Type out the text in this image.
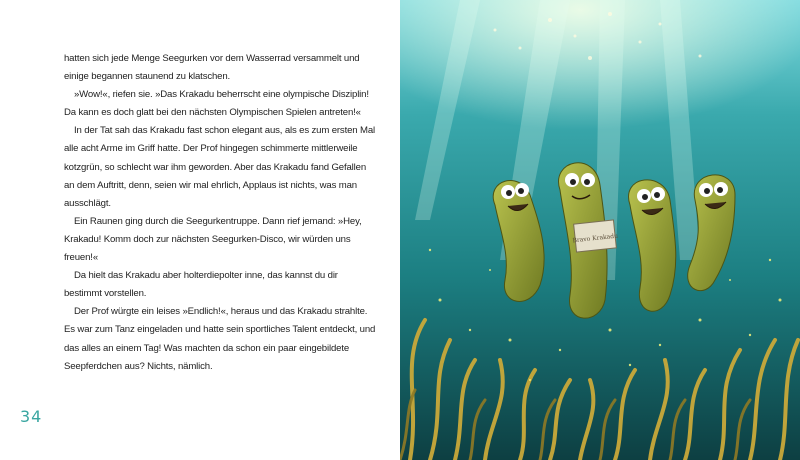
hatten sich jede Menge Seegurken vor dem Wasserrad versammelt und einige begannen staunend zu klatschen.

»Wow!«, riefen sie. »Das Krakadu beherrscht eine olympische Disziplin! Da kann es doch glatt bei den nächsten Olympischen Spielen antreten!«

In der Tat sah das Krakadu fast schon elegant aus, als es zum ersten Mal alle acht Arme im Griff hatte. Der Prof hingegen schimmerte mittlerweile kotzgrün, so schlecht war ihm geworden. Aber das Krakadu fand Gefallen an dem Auftritt, denn, seien wir mal ehrlich, Applaus ist nichts, was man ausschlägt.

Ein Raunen ging durch die Seegurkentruppe. Dann rief jemand: »Hey, Krakadu! Komm doch zur nächsten Seegurken-Disco, wir würden uns freuen!«

Da hielt das Krakadu aber holterdiepolter inne, das kannst du dir bestimmt vorstellen.

Der Prof würgte ein leises »Endlich!«, heraus und das Krakadu strahlte. Es war zum Tanz eingeladen und hatte sein sportliches Talent entdeckt, und das alles an einem Tag! Was machten da schon ein paar eingebildete Seepferdchen aus? Nichts, nämlich.

34
Bravo Krakadu
